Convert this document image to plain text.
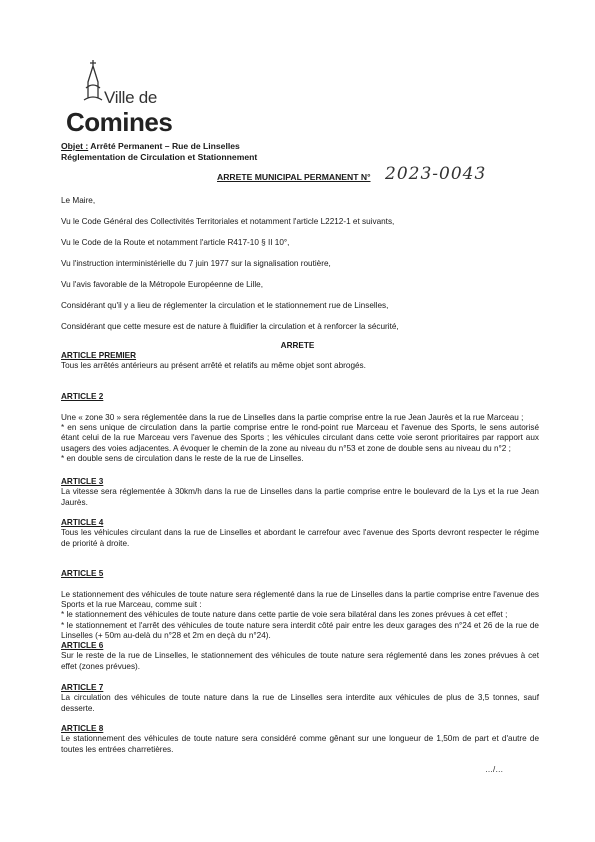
Ville de
Comines
Objet : Arrêté Permanent – Rue de Linselles
Réglementation de Circulation et Stationnement
ARRETE MUNICIPAL PERMANENT N° 2023-0043
Le Maire,
Vu le Code Général des Collectivités Territoriales et notamment l'article L2212-1 et suivants,
Vu le Code de la Route et notamment l'article R417-10 § II 10°,
Vu l'instruction interministérielle du 7 juin 1977 sur la signalisation routière,
Vu l'avis favorable de la Métropole Européenne de Lille,
Considérant qu'il y a lieu de réglementer la circulation et le stationnement rue de Linselles,
Considérant que cette mesure est de nature à fluidifier la circulation et à renforcer la sécurité,
ARRETE
ARTICLE PREMIER
Tous les arrêtés antérieurs au présent arrêté et relatifs au même objet sont abrogés.

ARTICLE 2

Une « zone 30 » sera réglementée dans la rue de Linselles dans la partie comprise entre la rue Jean Jaurès et la rue Marceau ;
* en sens unique de circulation dans la partie comprise entre le rond-point rue Marceau et l'avenue des Sports, le sens autorisé étant celui de la rue Marceau vers l'avenue des Sports ; les véhicules circulant dans cette voie seront prioritaires par rapport aux usagers des voies adjacentes. A évoquer le chemin de la zone au niveau du n°53 et zone de double sens au niveau du n°2 ;
* en double sens de circulation dans le reste de la rue de Linselles.

ARTICLE 3
La vitesse sera réglementée à 30km/h dans la rue de Linselles dans la partie comprise entre le boulevard de la Lys et la rue Jean Jaurès.
ARTICLE 4
Tous les véhicules circulant dans la rue de Linselles et abordant le carrefour avec l'avenue des Sports devront respecter le régime de priorité à droite.

ARTICLE 5

Le stationnement des véhicules de toute nature sera réglementé dans la rue de Linselles dans la partie comprise entre l'avenue des Sports et la rue Marceau, comme suit :
* le stationnement des véhicules de toute nature dans cette partie de voie sera bilatéral dans les zones prévues à cet effet ;
* le stationnement et l'arrêt des véhicules de toute nature sera interdit côté pair entre les deux garages des n°24 et 26 de la rue de Linselles (+ 50m au-delà du n°28 et 2m en deçà du n°24).

ARTICLE 6
Sur le reste de la rue de Linselles, le stationnement des véhicules de toute nature sera réglementé dans les zones prévues à cet effet (zones prévues).
ARTICLE 7
La circulation des véhicules de toute nature dans la rue de Linselles sera interdite aux véhicules de plus de 3,5 tonnes, sauf desserte.
ARTICLE 8
Le stationnement des véhicules de toute nature sera considéré comme gênant sur une longueur de 1,50m de part et d'autre de toutes les entrées charretières.
…/…
